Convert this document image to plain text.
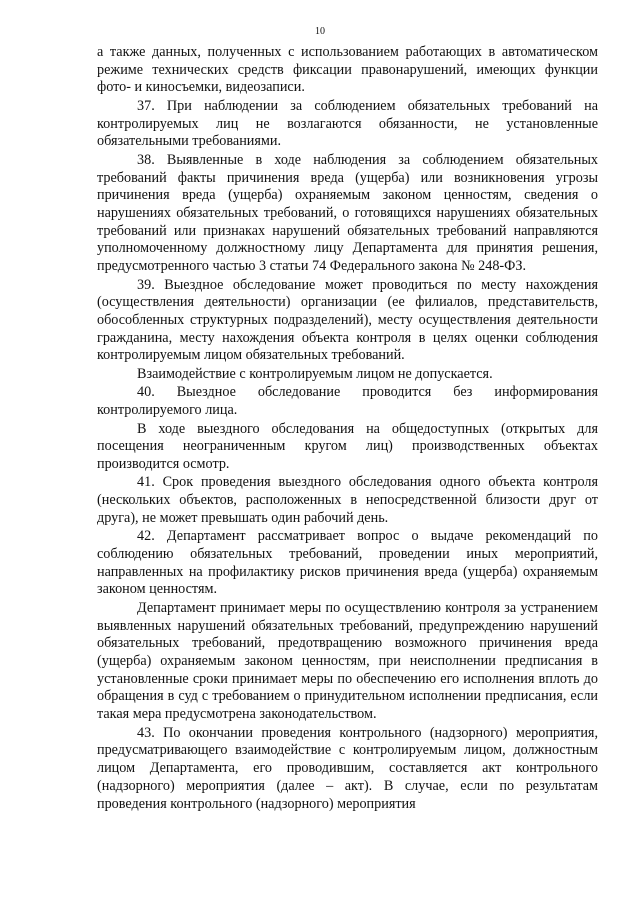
10

а также данных, полученных с использованием работающих в автоматическом режиме технических средств фиксации правонарушений, имеющих функции фото- и киносъемки, видеозаписи.

37. При наблюдении за соблюдением обязательных требований на контролируемых лиц не возлагаются обязанности, не установленные обязательными требованиями.

38. Выявленные в ходе наблюдения за соблюдением обязательных требований факты причинения вреда (ущерба) или возникновения угрозы причинения вреда (ущерба) охраняемым законом ценностям, сведения о нарушениях обязательных требований, о готовящихся нарушениях обязательных требований или признаках нарушений обязательных требований направляются уполномоченному должностному лицу Департамента для принятия решения, предусмотренного частью 3 статьи 74 Федерального закона № 248-ФЗ.

39. Выездное обследование может проводиться по месту нахождения (осуществления деятельности) организации (ее филиалов, представительств, обособленных структурных подразделений), месту осуществления деятельности гражданина, месту нахождения объекта контроля в целях оценки соблюдения контролируемым лицом обязательных требований.

Взаимодействие с контролируемым лицом не допускается.

40. Выездное обследование проводится без информирования контролируемого лица.

В ходе выездного обследования на общедоступных (открытых для посещения неограниченным кругом лиц) производственных объектах производится осмотр.

41. Срок проведения выездного обследования одного объекта контроля (нескольких объектов, расположенных в непосредственной близости друг от друга), не может превышать один рабочий день.

42. Департамент рассматривает вопрос о выдаче рекомендаций по соблюдению обязательных требований, проведении иных мероприятий, направленных на профилактику рисков причинения вреда (ущерба) охраняемым законом ценностям.

Департамент принимает меры по осуществлению контроля за устранением выявленных нарушений обязательных требований, предупреждению нарушений обязательных требований, предотвращению возможного причинения вреда (ущерба) охраняемым законом ценностям, при неисполнении предписания в установленные сроки принимает меры по обеспечению его исполнения вплоть до обращения в суд с требованием о принудительном исполнении предписания, если такая мера предусмотрена законодательством.

43. По окончании проведения контрольного (надзорного) мероприятия, предусматривающего взаимодействие с контролируемым лицом, должностным лицом Департамента, его проводившим, составляется акт контрольного (надзорного) мероприятия (далее – акт). В случае, если по результатам проведения контрольного (надзорного) мероприятия
